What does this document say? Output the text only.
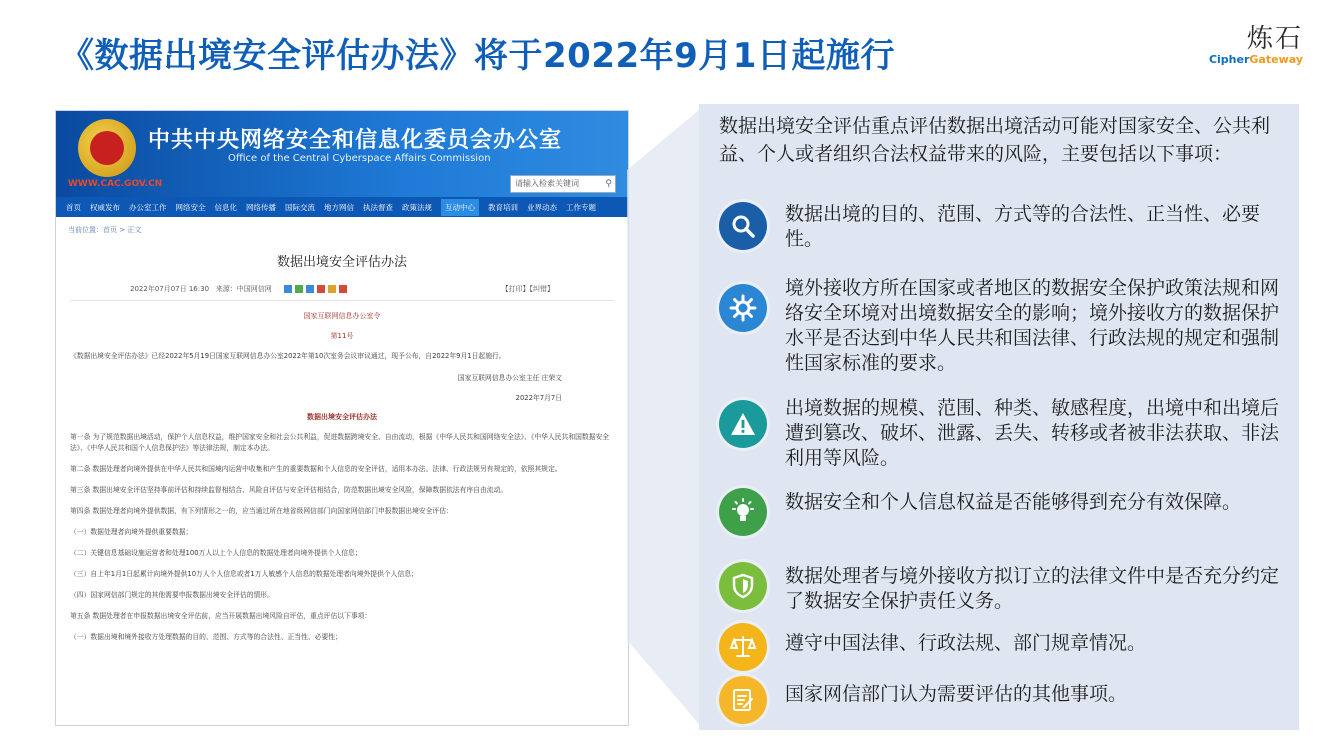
《数据出境安全评估办法》将于2022年9月1日起施行	炼石
CipherGateway
中共中央网络安全和信息化委员会办公室
Office of the Central Cyberspace Affairs Commission
WWW.CAC.GOV.CN	请输入检索关键词	⚲
首页 权威发布 办公室工作 网络安全 信息化 网络传播 国际交流 地方网信 执法督查 政策法规	互动中心	教育培训 业界动态 工作专题
当前位置：首页 > 正文
数据出境安全评估办法
2022年07月07日 16:30 来源：中国网信网	【打印】【纠错】
国家互联网信息办公室令
第11号
《数据出境安全评估办法》已经2022年5月19日国家互联网信息办公室2022年第10次室务会议审议通过，现予公布，自2022年9月1日起施行。
国家互联网信息办公室主任 庄荣文
2022年7月7日
数据出境安全评估办法
第一条 为了规范数据出境活动，保护个人信息权益，维护国家安全和社会公共利益，促进数据跨境安全、自由流动，根据《中华人民共和国网络安全法》、《中华人民共和国数据安全法》、《中华人民共和国个人信息保护法》等法律法规，制定本办法。
第二条 数据处理者向境外提供在中华人民共和国境内运营中收集和产生的重要数据和个人信息的安全评估，适用本办法。法律、行政法规另有规定的，依照其规定。
第三条 数据出境安全评估坚持事前评估和持续监督相结合、风险自评估与安全评估相结合，防范数据出境安全风险，保障数据依法有序自由流动。
第四条 数据处理者向境外提供数据，有下列情形之一的，应当通过所在地省级网信部门向国家网信部门申报数据出境安全评估：
（一）数据处理者向境外提供重要数据；
（二）关键信息基础设施运营者和处理100万人以上个人信息的数据处理者向境外提供个人信息；
（三）自上年1月1日起累计向境外提供10万人个人信息或者1万人敏感个人信息的数据处理者向境外提供个人信息；
（四）国家网信部门规定的其他需要申报数据出境安全评估的情形。
第五条 数据处理者在申报数据出境安全评估前，应当开展数据出境风险自评估，重点评估以下事项：
（一）数据出境和境外接收方处理数据的目的、范围、方式等的合法性、正当性、必要性；
数据出境安全评估重点评估数据出境活动可能对国家安全、公共利益、个人或者组织合法权益带来的风险，主要包括以下事项：
数据出境的目的、范围、方式等的合法性、正当性、必要性。
境外接收方所在国家或者地区的数据安全保护政策法规和网络安全环境对出境数据安全的影响；境外接收方的数据保护水平是否达到中华人民共和国法律、行政法规的规定和强制性国家标准的要求。
出境数据的规模、范围、种类、敏感程度，出境中和出境后遭到篡改、破坏、泄露、丢失、转移或者被非法获取、非法利用等风险。
数据安全和个人信息权益是否能够得到充分有效保障。
数据处理者与境外接收方拟订立的法律文件中是否充分约定了数据安全保护责任义务。
遵守中国法律、行政法规、部门规章情况。
国家网信部门认为需要评估的其他事项。
